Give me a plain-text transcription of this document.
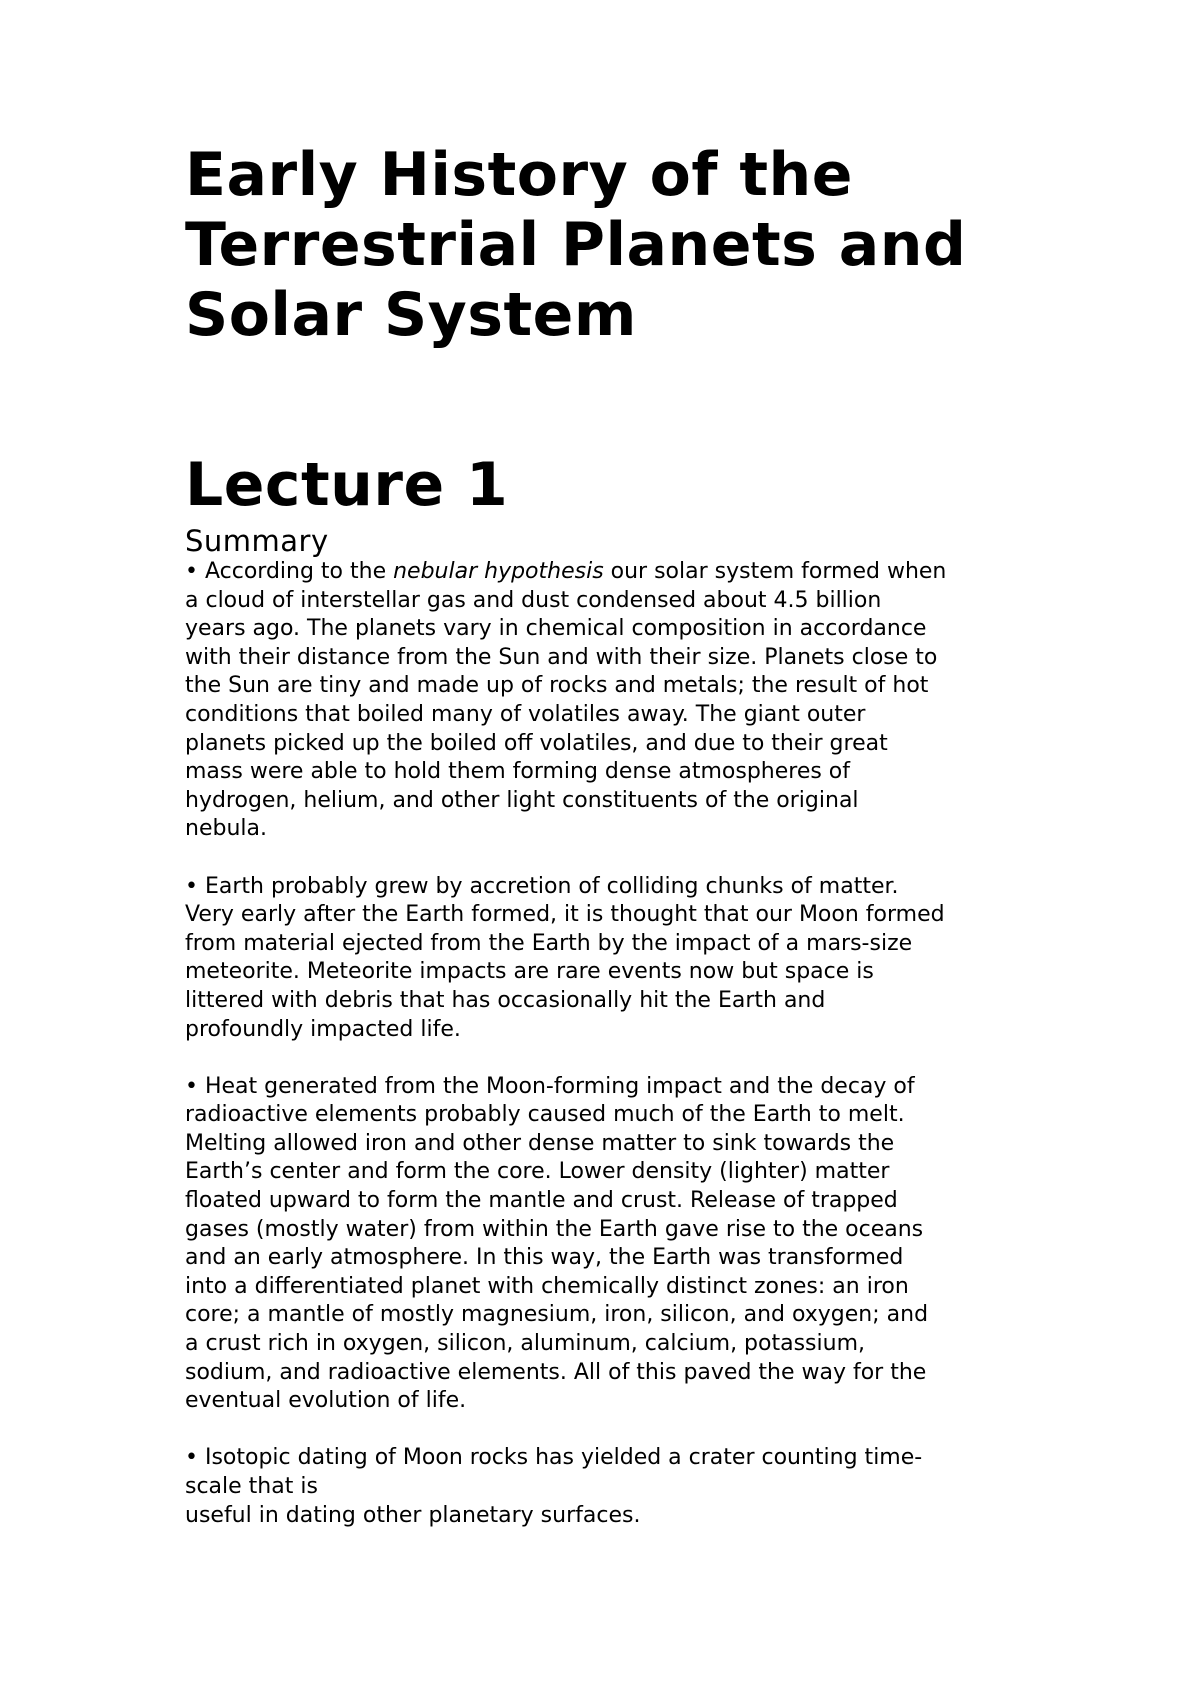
Early History of the Terrestrial Planets and Solar System
Lecture 1
Summary

• According to the nebular hypothesis our solar system formed when
a cloud of interstellar gas and dust condensed about 4.5 billion
years ago. The planets vary in chemical composition in accordance
with their distance from the Sun and with their size. Planets close to
the Sun are tiny and made up of rocks and metals; the result of hot
conditions that boiled many of volatiles away. The giant outer
planets picked up the boiled off volatiles, and due to their great
mass were able to hold them forming dense atmospheres of
hydrogen, helium, and other light constituents of the original
nebula.

• Earth probably grew by accretion of colliding chunks of matter.
Very early after the Earth formed, it is thought that our Moon formed
from material ejected from the Earth by the impact of a mars-size
meteorite. Meteorite impacts are rare events now but space is
littered with debris that has occasionally hit the Earth and
profoundly impacted life.

• Heat generated from the Moon-forming impact and the decay of
radioactive elements probably caused much of the Earth to melt.
Melting allowed iron and other dense matter to sink towards the
Earth’s center and form the core. Lower density (lighter) matter
floated upward to form the mantle and crust. Release of trapped
gases (mostly water) from within the Earth gave rise to the oceans
and an early atmosphere. In this way, the Earth was transformed
into a differentiated planet with chemically distinct zones: an iron
core; a mantle of mostly magnesium, iron, silicon, and oxygen; and
a crust rich in oxygen, silicon, aluminum, calcium, potassium,
sodium, and radioactive elements. All of this paved the way for the
eventual evolution of life.

• Isotopic dating of Moon rocks has yielded a crater counting time-
scale that is
useful in dating other planetary surfaces.
